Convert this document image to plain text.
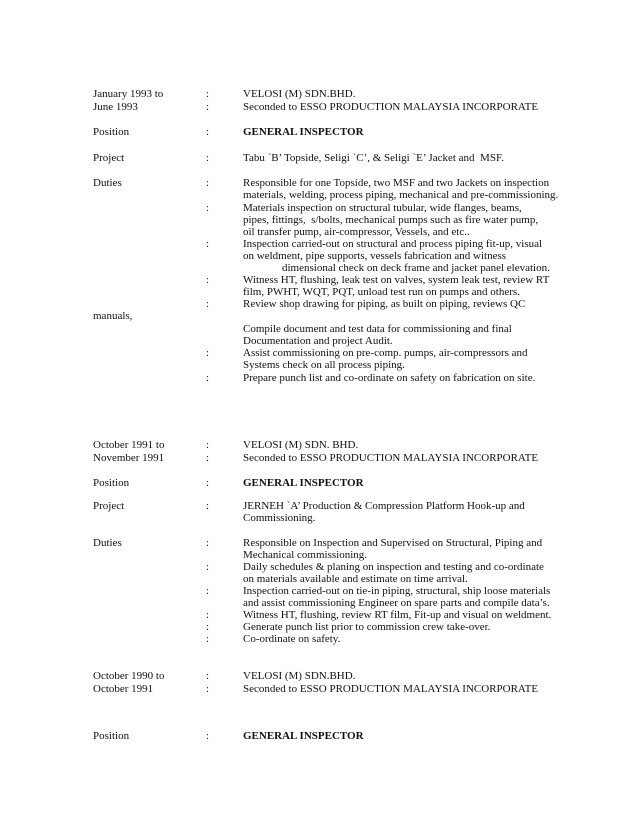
January 1993 to	:	VELOSI (M) SDN.BHD.
June 1993	:	Seconded to ESSO PRODUCTION MALAYSIA INCORPORATE
Position	:	GENERAL INSPECTOR
Project	:	Tabu `B’ Topside, Seligi `C’, & Seligi `E’ Jacket and  MSF.
Duties	:	Responsible for one Topside, two MSF and two Jackets on inspection
materials, welding, process piping, mechanical and pre-commissioning.
:	Materials inspection on structural tubular, wide flanges, beams,
pipes, fittings,  s/bolts, mechanical pumps such as fire water pump,
oil transfer pump, air-compressor, Vessels, and etc..
:	Inspection carried-out on structural and process piping fit-up, visual
on weldment, pipe supports, vessels fabrication and witness
dimensional check on deck frame and jacket panel elevation.
:	Witness HT, flushing, leak test on valves, system leak test, review RT
film, PWHT, WQT, PQT, unload test run on pumps and others.
:	Review shop drawing for piping, as built on piping, reviews QC
manuals,
Compile document and test data for commissioning and final
Documentation and project Audit.
:	Assist commissioning on pre-comp. pumps, air-compressors and
Systems check on all process piping.
:	Prepare punch list and co-ordinate on safety on fabrication on site.
October 1991 to	:	VELOSI (M) SDN. BHD.
November 1991	:	Seconded to ESSO PRODUCTION MALAYSIA INCORPORATE
Position	:	GENERAL INSPECTOR
Project	:	JERNEH `A’ Production & Compression Platform Hook-up and
Commissioning.
Duties	:	Responsible on Inspection and Supervised on Structural, Piping and
Mechanical commissioning.
:	Daily schedules & planing on inspection and testing and co-ordinate
on materials available and estimate on time arrival.
:	Inspection carried-out on tie-in piping, structural, ship loose materials
and assist commissioning Engineer on spare parts and compile data’s.
:	Witness HT, flushing, review RT film, Fit-up and visual on weldment.
:	Generate punch list prior to commission crew take-over.
:	Co-ordinate on safety.
October 1990 to	:	VELOSI (M) SDN.BHD.
October 1991	:	Seconded to ESSO PRODUCTION MALAYSIA INCORPORATE
Position	:	GENERAL INSPECTOR
